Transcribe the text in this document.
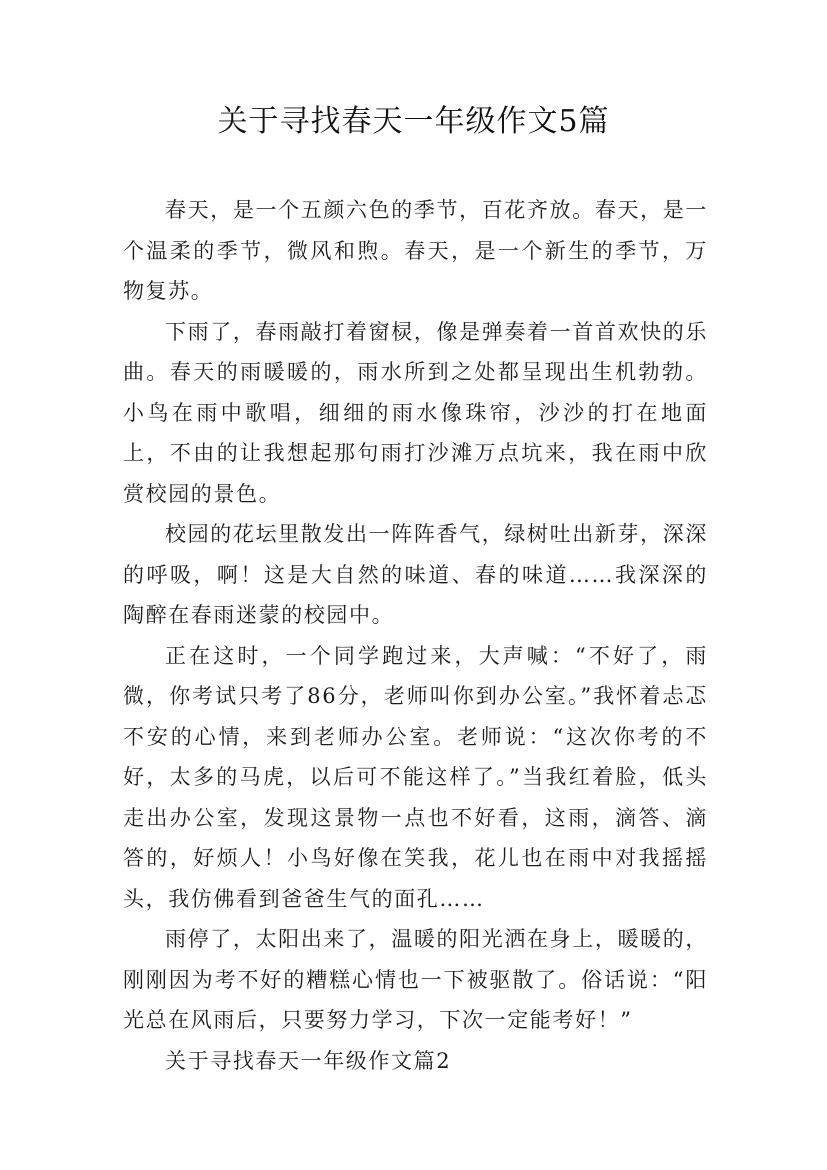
关于寻找春天一年级作文5篇

春天，是一个五颜六色的季节，百花齐放。春天，是一个温柔的季节，微风和煦。春天，是一个新生的季节，万物复苏。

下雨了，春雨敲打着窗棂，像是弹奏着一首首欢快的乐曲。春天的雨暖暖的，雨水所到之处都呈现出生机勃勃。小鸟在雨中歌唱，细细的雨水像珠帘，沙沙的打在地面上，不由的让我想起那句雨打沙滩万点坑来，我在雨中欣赏校园的景色。

校园的花坛里散发出一阵阵香气，绿树吐出新芽，深深的呼吸，啊！这是大自然的味道、春的味道……我深深的陶醉在春雨迷蒙的校园中。

正在这时，一个同学跑过来，大声喊：“不好了，雨微，你考试只考了86分，老师叫你到办公室。”我怀着忐忑不安的心情，来到老师办公室。老师说：“这次你考的不好，太多的马虎，以后可不能这样了。”当我红着脸，低头走出办公室，发现这景物一点也不好看，这雨，滴答、滴答的，好烦人！小鸟好像在笑我，花儿也在雨中对我摇摇头，我仿佛看到爸爸生气的面孔……

雨停了，太阳出来了，温暖的阳光洒在身上，暖暖的，刚刚因为考不好的糟糕心情也一下被驱散了。俗话说：“阳光总在风雨后，只要努力学习，下次一定能考好！”

关于寻找春天一年级作文篇2
